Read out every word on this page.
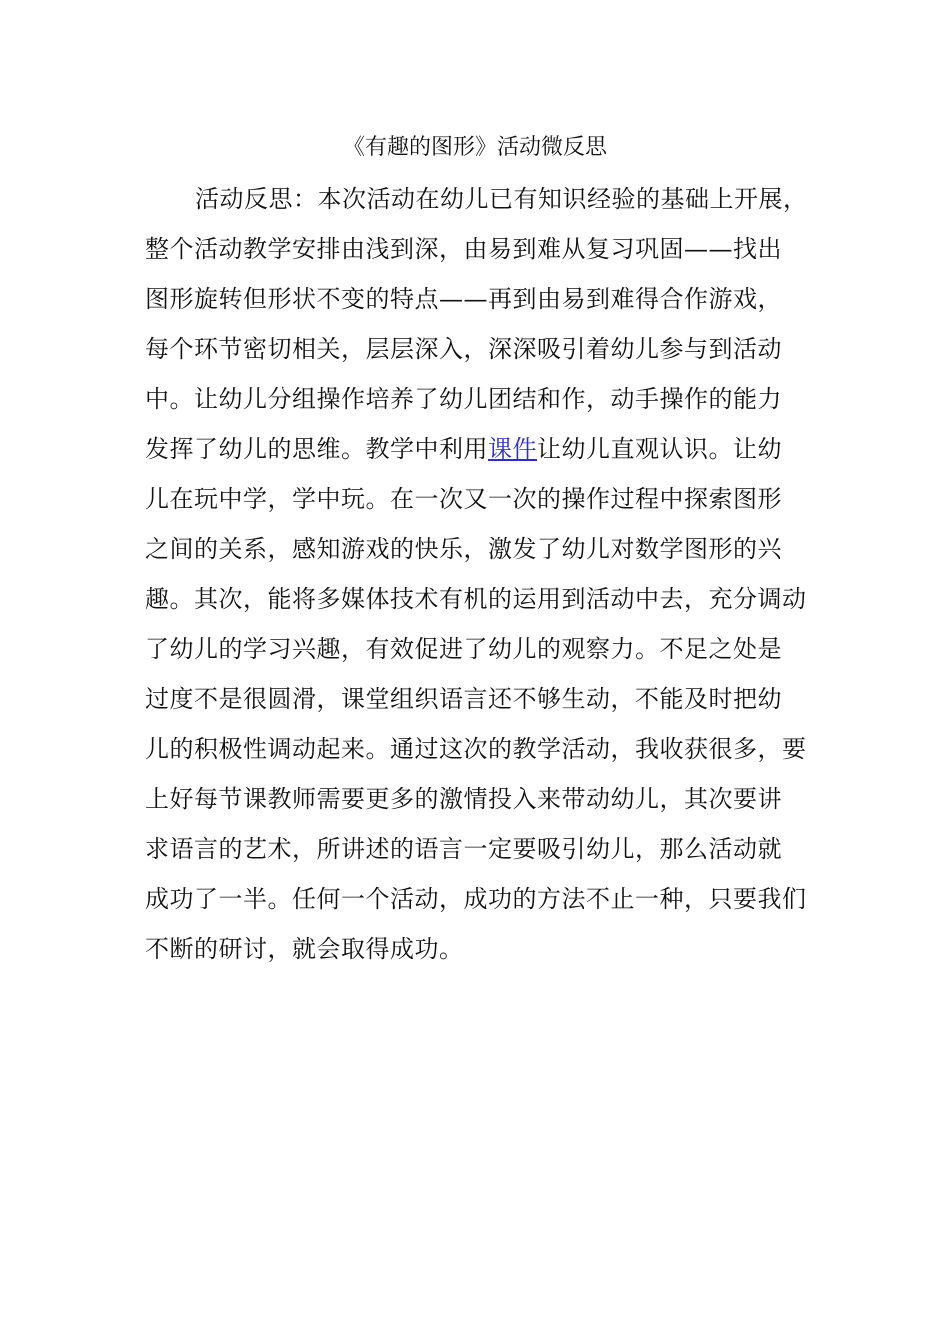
《有趣的图形》活动微反思
活动反思：本次活动在幼儿已有知识经验的基础上开展，
整个活动教学安排由浅到深，由易到难从复习巩固——找出
图形旋转但形状不变的特点——再到由易到难得合作游戏，
每个环节密切相关，层层深入，深深吸引着幼儿参与到活动
中。让幼儿分组操作培养了幼儿团结和作，动手操作的能力
发挥了幼儿的思维。教学中利用课件让幼儿直观认识。让幼
儿在玩中学，学中玩。在一次又一次的操作过程中探索图形
之间的关系，感知游戏的快乐，激发了幼儿对数学图形的兴
趣。其次，能将多媒体技术有机的运用到活动中去，充分调动
了幼儿的学习兴趣，有效促进了幼儿的观察力。不足之处是
过度不是很圆滑，课堂组织语言还不够生动，不能及时把幼
儿的积极性调动起来。通过这次的教学活动，我收获很多，要
上好每节课教师需要更多的激情投入来带动幼儿，其次要讲
求语言的艺术，所讲述的语言一定要吸引幼儿，那么活动就
成功了一半。任何一个活动，成功的方法不止一种，只要我们
不断的研讨，就会取得成功。
